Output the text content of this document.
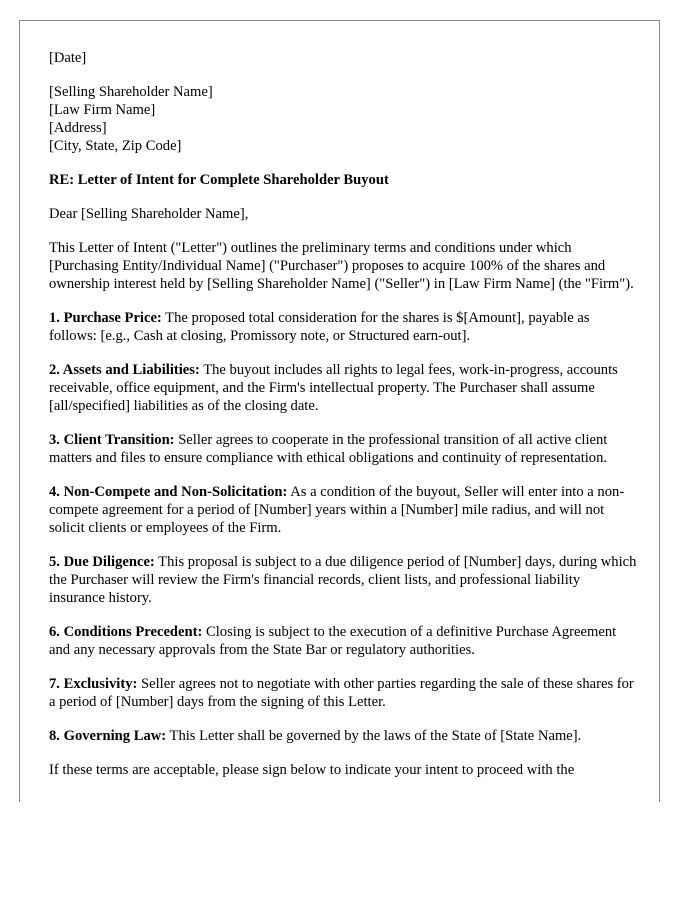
[Date]

[Selling Shareholder Name]
[Law Firm Name]
[Address]
[City, State, Zip Code]

RE: Letter of Intent for Complete Shareholder Buyout

Dear [Selling Shareholder Name],

This Letter of Intent ("Letter") outlines the preliminary terms and conditions under which [Purchasing Entity/Individual Name] ("Purchaser") proposes to acquire 100% of the shares and ownership interest held by [Selling Shareholder Name] ("Seller") in [Law Firm Name] (the "Firm").

1. Purchase Price: The proposed total consideration for the shares is $[Amount], payable as follows: [e.g., Cash at closing, Promissory note, or Structured earn-out].

2. Assets and Liabilities: The buyout includes all rights to legal fees, work-in-progress, accounts receivable, office equipment, and the Firm's intellectual property. The Purchaser shall assume [all/specified] liabilities as of the closing date.

3. Client Transition: Seller agrees to cooperate in the professional transition of all active client matters and files to ensure compliance with ethical obligations and continuity of representation.

4. Non-Compete and Non-Solicitation: As a condition of the buyout, Seller will enter into a non-compete agreement for a period of [Number] years within a [Number] mile radius, and will not solicit clients or employees of the Firm.

5. Due Diligence: This proposal is subject to a due diligence period of [Number] days, during which the Purchaser will review the Firm's financial records, client lists, and professional liability insurance history.

6. Conditions Precedent: Closing is subject to the execution of a definitive Purchase Agreement and any necessary approvals from the State Bar or regulatory authorities.

7. Exclusivity: Seller agrees not to negotiate with other parties regarding the sale of these shares for a period of [Number] days from the signing of this Letter.

8. Governing Law: This Letter shall be governed by the laws of the State of [State Name].

If these terms are acceptable, please sign below to indicate your intent to proceed with the
